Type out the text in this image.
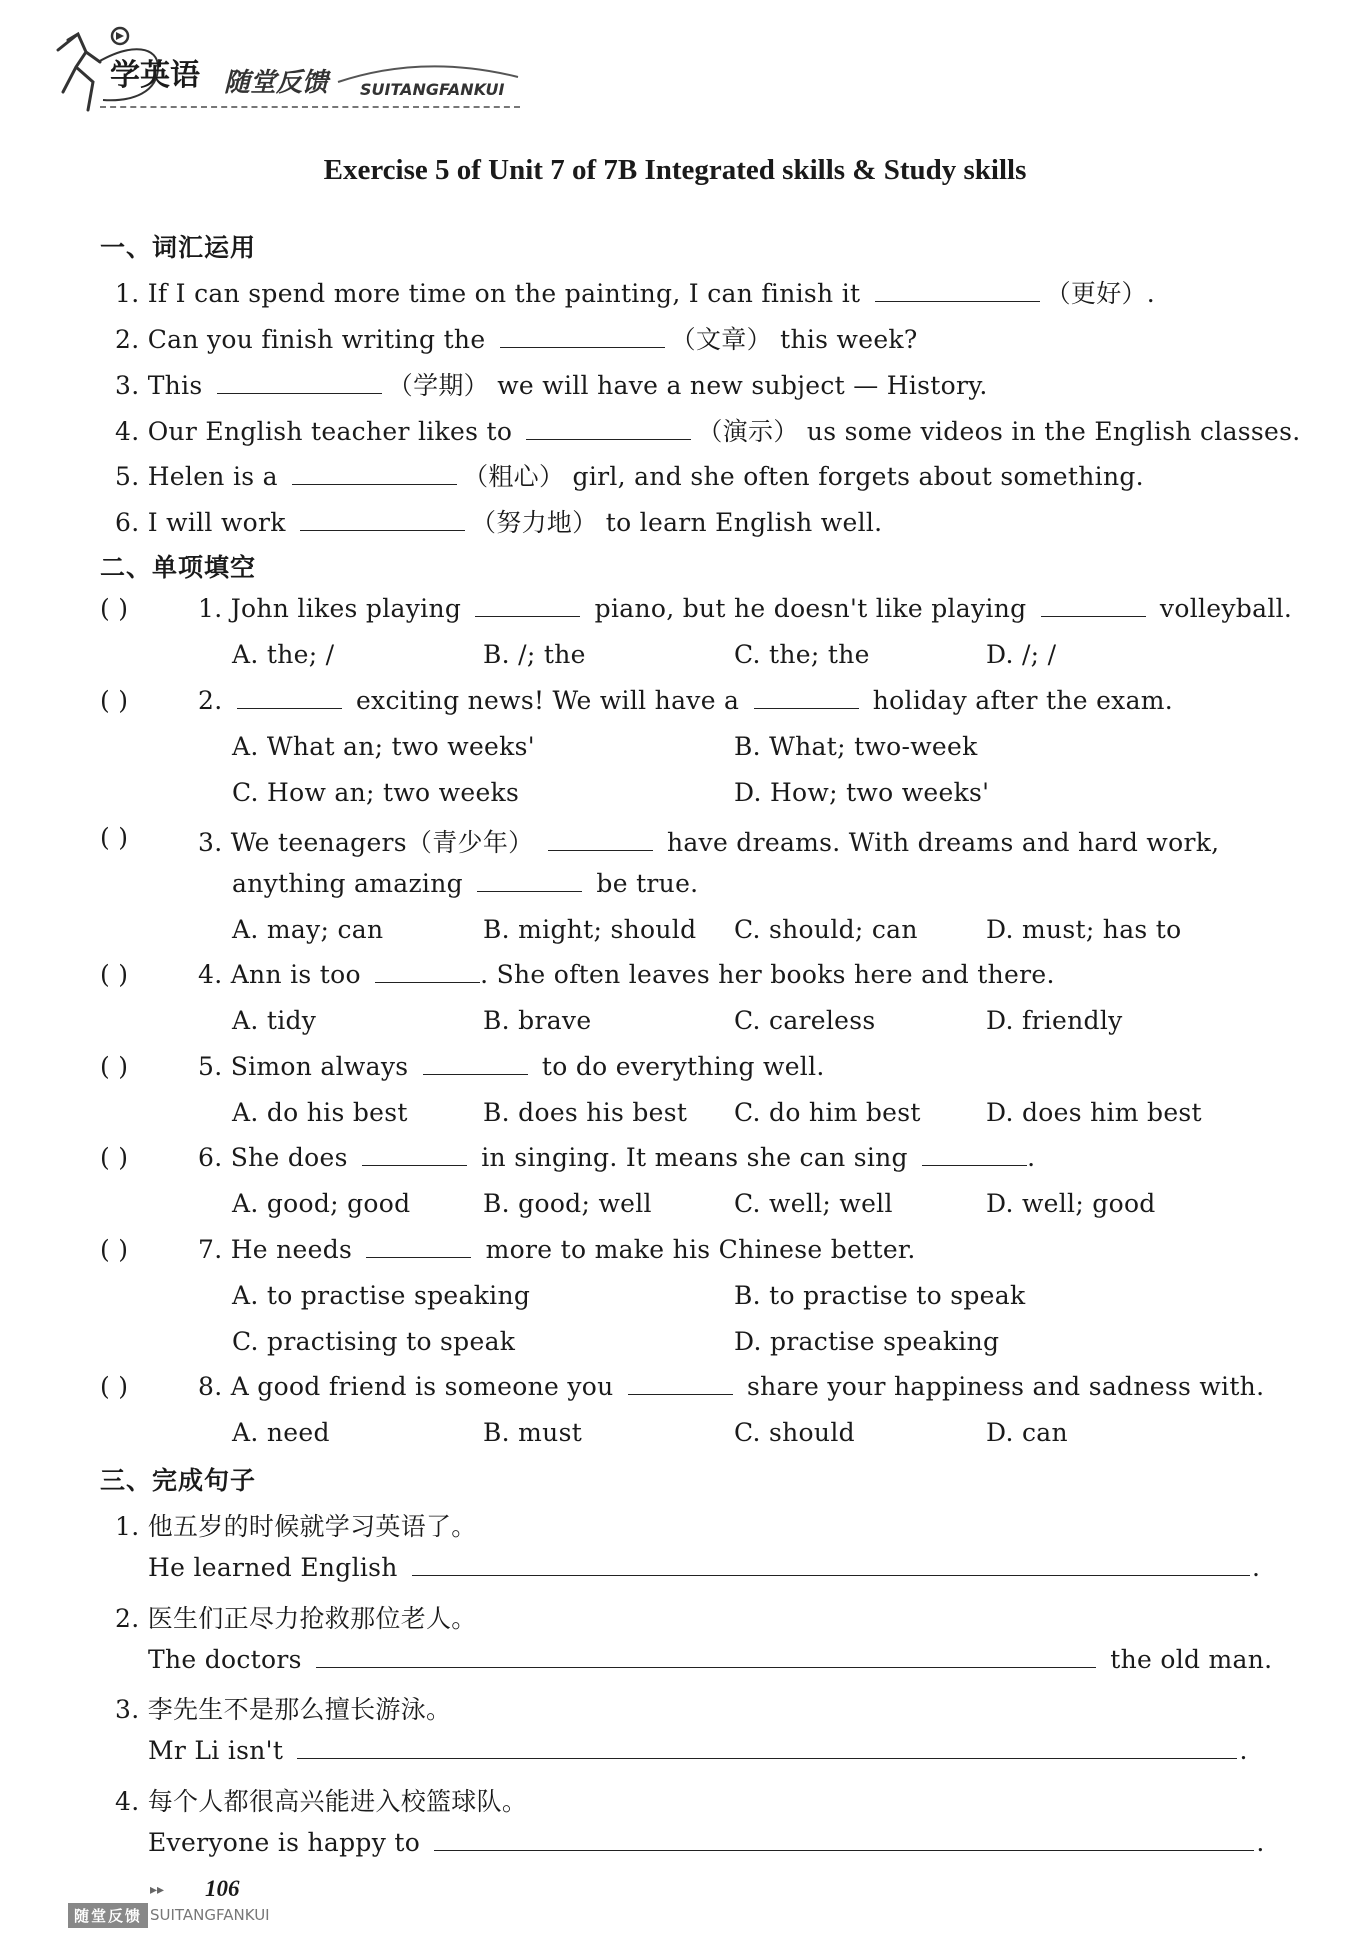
学英语 随堂反馈 SUITANGFANKUI
Exercise 5 of Unit 7 of 7B Integrated skills & Study skills
一、词汇运用
1. If I can spend more time on the painting, I can finish it	（更好）.
2. Can you finish writing the	（文章） this week?
3. This	（学期） we will have a new subject — History.
4. Our English teacher likes to	（演示） us some videos in the English classes.
5. Helen is a	（粗心） girl, and she often forgets about something.
6. I will work	（努力地） to learn English well.
二、单项填空
( )	1. John likes playing	piano, but he doesn't like playing	volleyball.
A. the; /	B. /; the	C. the; the	D. /; /
( )	2.	exciting news! We will have a	holiday after the exam.
A. What an; two weeks'	B. What; two-week
C. How an; two weeks	D. How; two weeks'
( )	3. We teenagers（青少年）	have dreams. With dreams and hard work,
anything amazing	be true.
A. may; can	B. might; should C. should; can	D. must; has to
( )	4. Ann is too	. She often leaves her books here and there.
A. tidy	B. brave	C. careless	D. friendly
( )	5. Simon always	to do everything well.
A. do his best	B. does his best C. do him best	D. does him best
( )	6. She does	in singing. It means she can sing	.
A. good; good	B. good; well	C. well; well	D. well; good
( )	7. He needs	more to make his Chinese better.
A. to practise speaking	B. to practise to speak
C. practising to speak	D. practise speaking
( )	8. A good friend is someone you	share your happiness and sadness with.
A. need	B. must	C. should	D. can
三、完成句子
1. 他五岁的时候就学习英语了。
He learned English	.
2. 医生们正尽力抢救那位老人。
The doctors	the old man.
3. 李先生不是那么擅长游泳。
Mr Li isn't	.
4. 每个人都很高兴能进入校篮球队。
Everyone is happy to	.
▸▸ 106
随堂反馈 SUITANGFANKUI
